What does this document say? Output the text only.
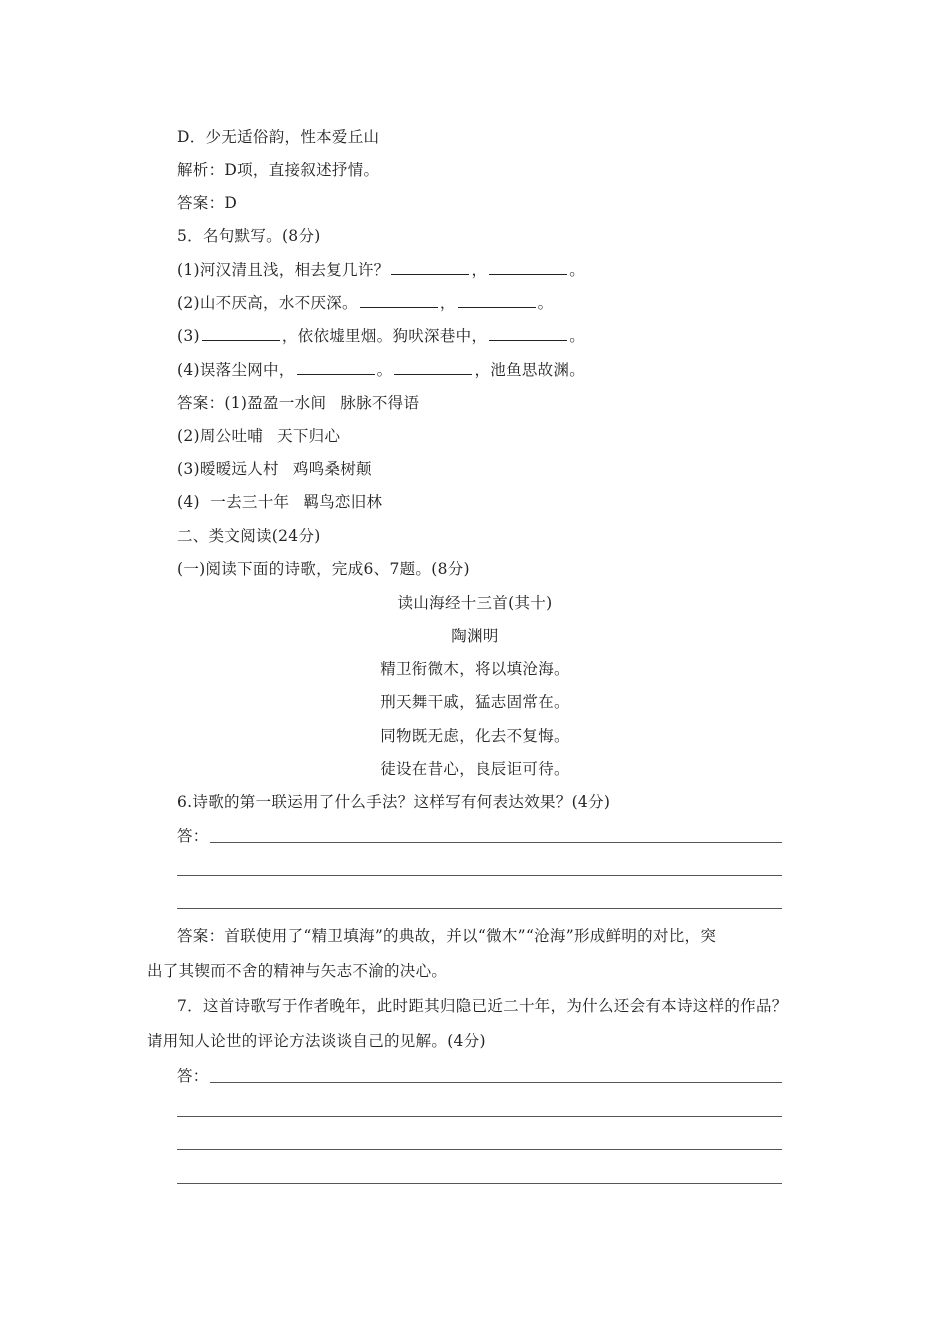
D．少无适俗韵，性本爱丘山
解析：D项，直接叙述抒情。
答案：D
5．名句默写。(8分)
(1)河汉清且浅，相去复几许？	，	。
(2)山不厌高，水不厌深。	，	。
(3)	，依依墟里烟。狗吠深巷中，	。
(4)误落尘网中，	。	，池鱼思故渊。
答案：(1)盈盈一水间 脉脉不得语
(2)周公吐哺 天下归心
(3)暧暧远人村 鸡鸣桑树颠
(4)  一去三十年 羁鸟恋旧林
二、类文阅读(24分)
(一)阅读下面的诗歌，完成6、7题。(8分)
读山海经十三首(其十)
陶渊明
精卫衔微木，将以填沧海。
刑天舞干戚，猛志固常在。
同物既无虑，化去不复悔。
徒设在昔心，良辰讵可待。
6.诗歌的第一联运用了什么手法？这样写有何表达效果？(4分)
答：
答案：首联使用了“精卫填海”的典故，并以“微木”“沧海”形成鲜明的对比，突
出了其锲而不舍的精神与矢志不渝的决心。
7．这首诗歌写于作者晚年，此时距其归隐已近二十年，为什么还会有本诗这样的作品？
请用知人论世的评论方法谈谈自己的见解。(4分)
答：
